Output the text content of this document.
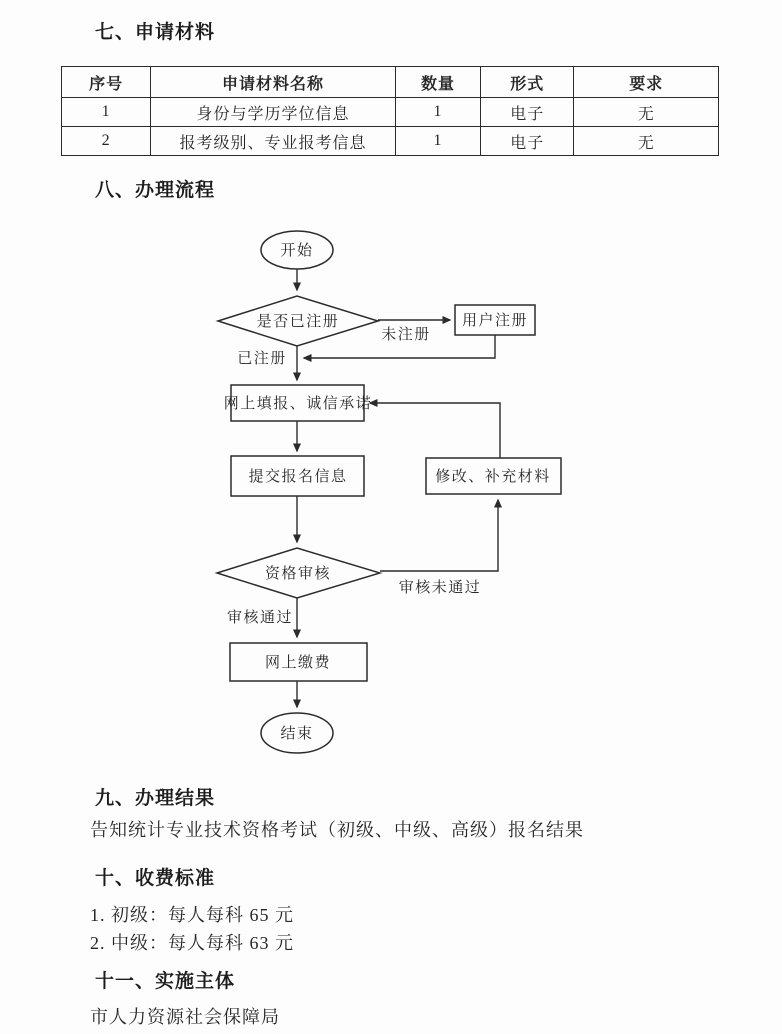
七、申请材料
序号	申请材料名称	数量	形式	要求
1	身份与学历学位信息	1	电子	无
2	报考级别、专业报考信息	1	电子	无
八、办理流程
开始
是否已注册	用户注册
网上填报、诚信承诺
提交报名信息	修改、补充材料
资格审核
网上缴费
结束
未注册
已注册
审核未通过
审核通过
九、办理结果
告知统计专业技术资格考试（初级、中级、高级）报名结果
十、收费标准
1. 初级：每人每科 65 元
2. 中级：每人每科 63 元
十一、实施主体
市人力资源社会保障局
